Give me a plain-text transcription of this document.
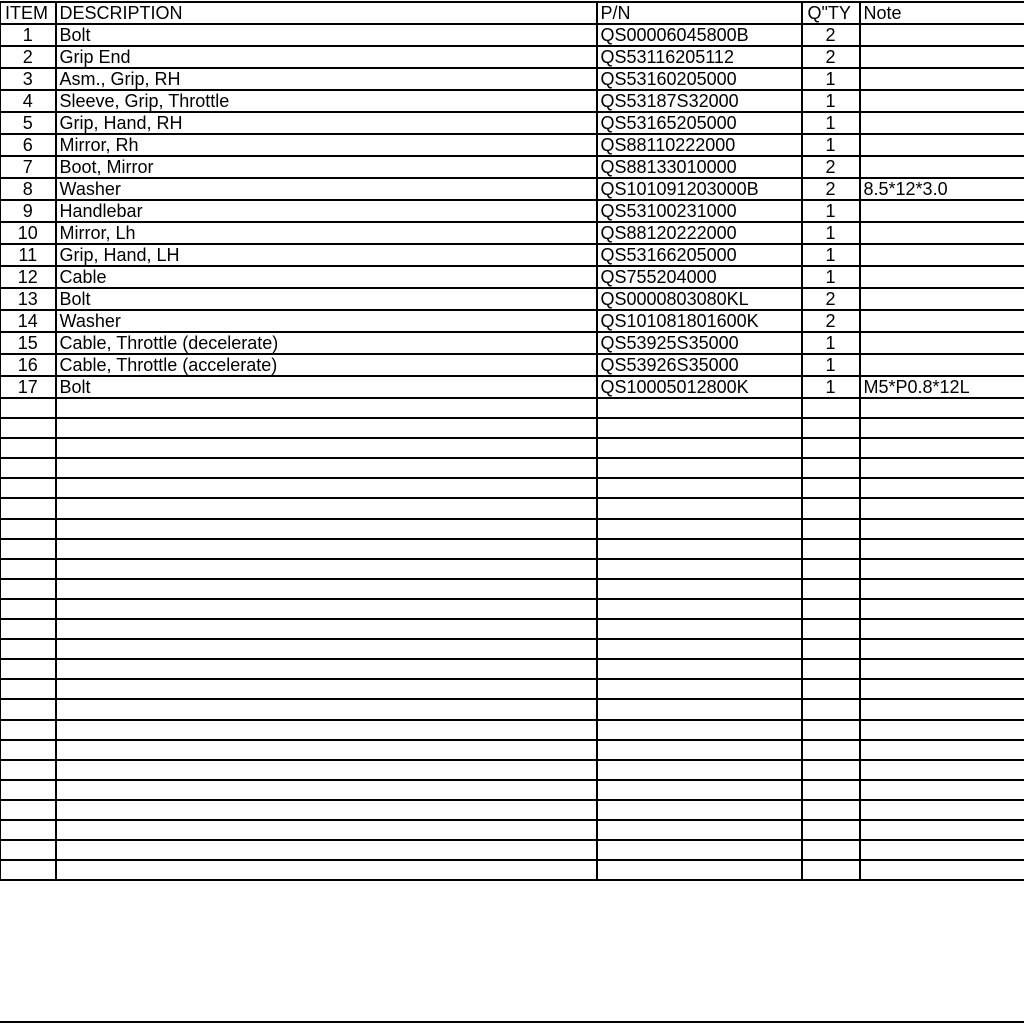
ITEM	DESCRIPTION	P/N	Q"TY	Note
1	Bolt	QS00006045800B	2	
2	Grip End	QS53116205112	2	
3	Asm., Grip, RH	QS53160205000	1	
4	Sleeve, Grip, Throttle	QS53187S32000	1	
5	Grip, Hand, RH	QS53165205000	1	
6	Mirror, Rh	QS88110222000	1	
7	Boot, Mirror	QS88133010000	2	
8	Washer	QS101091203000B	2	8.5*12*3.0
9	Handlebar	QS53100231000	1	
10	Mirror, Lh	QS88120222000	1	
11	Grip, Hand, LH	QS53166205000	1	
12	Cable	QS755204000	1	
13	Bolt	QS0000803080KL	2	
14	Washer	QS101081801600K	2	
15	Cable, Throttle (decelerate)	QS53925S35000	1	
16	Cable, Throttle (accelerate)	QS53926S35000	1	
17	Bolt	QS10005012800K	1	M5*P0.8*12L
